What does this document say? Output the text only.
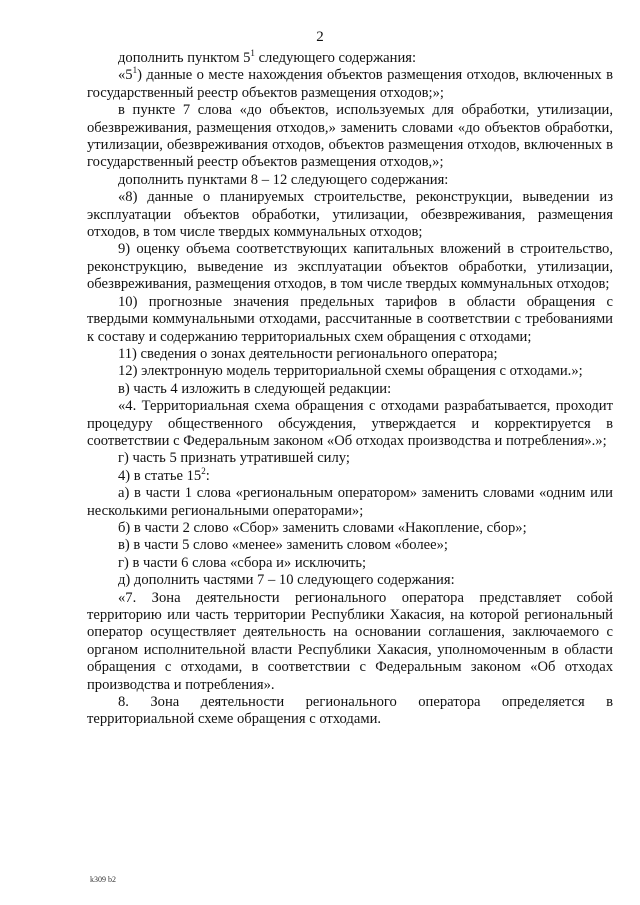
2

дополнить пунктом $5^1$ следующего содержания:

«$5^1$) данные о месте нахождения объектов размещения отходов, включенных в государственный реестр объектов размещения отходов;»;

в пункте 7 слова «до объектов, используемых для обработки, утилизации, обезвреживания, размещения отходов,» заменить словами «до объектов обработки, утилизации, обезвреживания отходов, объектов размещения отходов, включенных в государственный реестр объектов размещения отходов,»;

дополнить пунктами 8 – 12 следующего содержания:

«8) данные о планируемых строительстве, реконструкции, выведении из эксплуатации объектов обработки, утилизации, обезвреживания, размещения отходов, в том числе твердых коммунальных отходов;

9) оценку объема соответствующих капитальных вложений в строительство, реконструкцию, выведение из эксплуатации объектов обработки, утилизации, обезвреживания, размещения отходов, в том числе твердых коммунальных отходов;

10) прогнозные значения предельных тарифов в области обращения с твердыми коммунальными отходами, рассчитанные в соответствии с требованиями к составу и содержанию территориальных схем обращения с отходами;

11) сведения о зонах деятельности регионального оператора;

12) электронную модель территориальной схемы обращения с отходами.»;

в) часть 4 изложить в следующей редакции:

«4. Территориальная схема обращения с отходами разрабатывается, проходит процедуру общественного обсуждения, утверждается и корректируется в соответствии с Федеральным законом «Об отходах производства и потребления».»;

г) часть 5 признать утратившей силу;

4) в статье $15^2$:

а) в части 1 слова «региональным оператором» заменить словами «одним или несколькими региональными операторами»;

б) в части 2 слово «Сбор» заменить словами «Накопление, сбор»;

в) в части 5 слово «менее» заменить словом «более»;

г) в части 6 слова «сбора и» исключить;

д) дополнить частями 7 – 10 следующего содержания:

«7. Зона деятельности регионального оператора представляет собой территорию или часть территории Республики Хакасия, на которой региональный оператор осуществляет деятельность на основании соглашения, заключаемого с органом исполнительной власти Республики Хакасия, уполномоченным в области обращения с отходами, в соответствии с Федеральным законом «Об отходах производства и потребления».

8. Зона деятельности регионального оператора определяется в территориальной схеме обращения с отходами.

k309 b2
